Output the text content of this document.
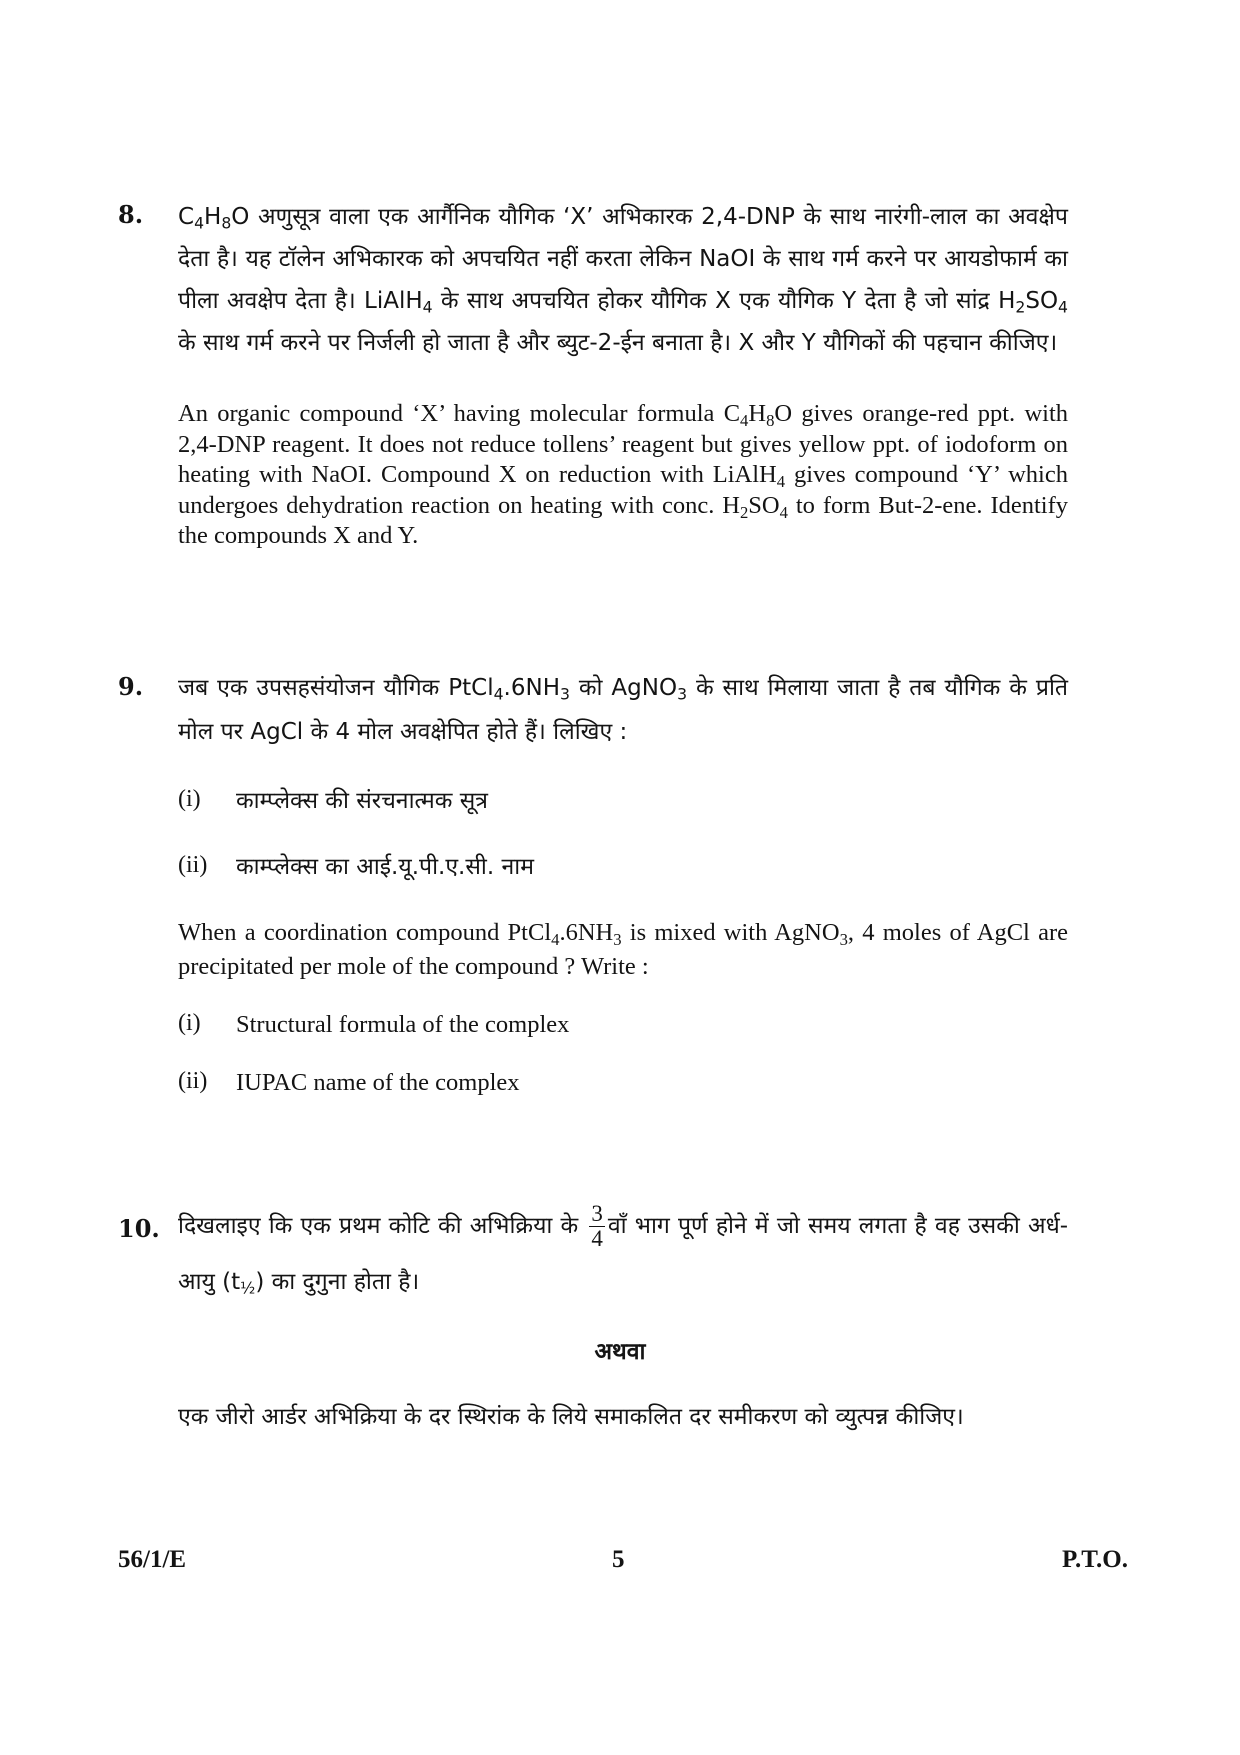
8. $C_4H_8O$ अणुसूत्र वाला एक आर्गैनिक यौगिक ‘X’ अभिकारक 2,4-DNP के साथ नारंगी-लाल का अवक्षेप देता है। यह टॉलेन अभिकारक को अपचयित नहीं करता लेकिन NaOI के साथ गर्म करने पर आयडोफार्म का पीला अवक्षेप देता है। LiAlH$_4$ के साथ अपचयित होकर यौगिक X एक यौगिक Y देता है जो सांद्र $H_2SO_4$ के साथ गर्म करने पर निर्जली हो जाता है और ब्युट-2-ईन बनाता है। X और Y यौगिकों की पहचान कीजिए।

An organic compound ‘X’ having molecular formula $C_4H_8O$ gives orange-red ppt. with 2,4-DNP reagent. It does not reduce tollens’ reagent but gives yellow ppt. of iodoform on heating with NaOI. Compound X on reduction with LiAlH$_4$ gives compound ‘Y’ which undergoes dehydration reaction on heating with conc. $H_2SO_4$ to form But-2-ene. Identify the compounds X and Y.

9. जब एक उपसहसंयोजन यौगिक $PtCl_4.6NH_3$ को AgNO$_3$ के साथ मिलाया जाता है तब यौगिक के प्रति मोल पर AgCl के 4 मोल अवक्षेपित होते हैं। लिखिए :

(i) काम्प्लेक्स की संरचनात्मक सूत्र
(ii) काम्प्लेक्स का आई.यू.पी.ए.सी. नाम

When a coordination compound $PtCl_4.6NH_3$ is mixed with AgNO$_3$, 4 moles of AgCl are precipitated per mole of the compound ? Write :

(i) Structural formula of the complex
(ii) IUPAC name of the complex
10. दिखलाइए कि एक प्रथम कोटि की अभिक्रिया के $\frac{3}{4}$ वाँ भाग पूर्ण होने में जो समय लगता है वह उसकी अर्ध-आयु $(t_{\frac{1}{2}})$ का दुगुना होता है।

अथवा

एक जीरो आर्डर अभिक्रिया के दर स्थिरांक के लिये समाकलित दर समीकरण को व्युत्पन्न कीजिए।

56/1/E	5	P.T.O.
